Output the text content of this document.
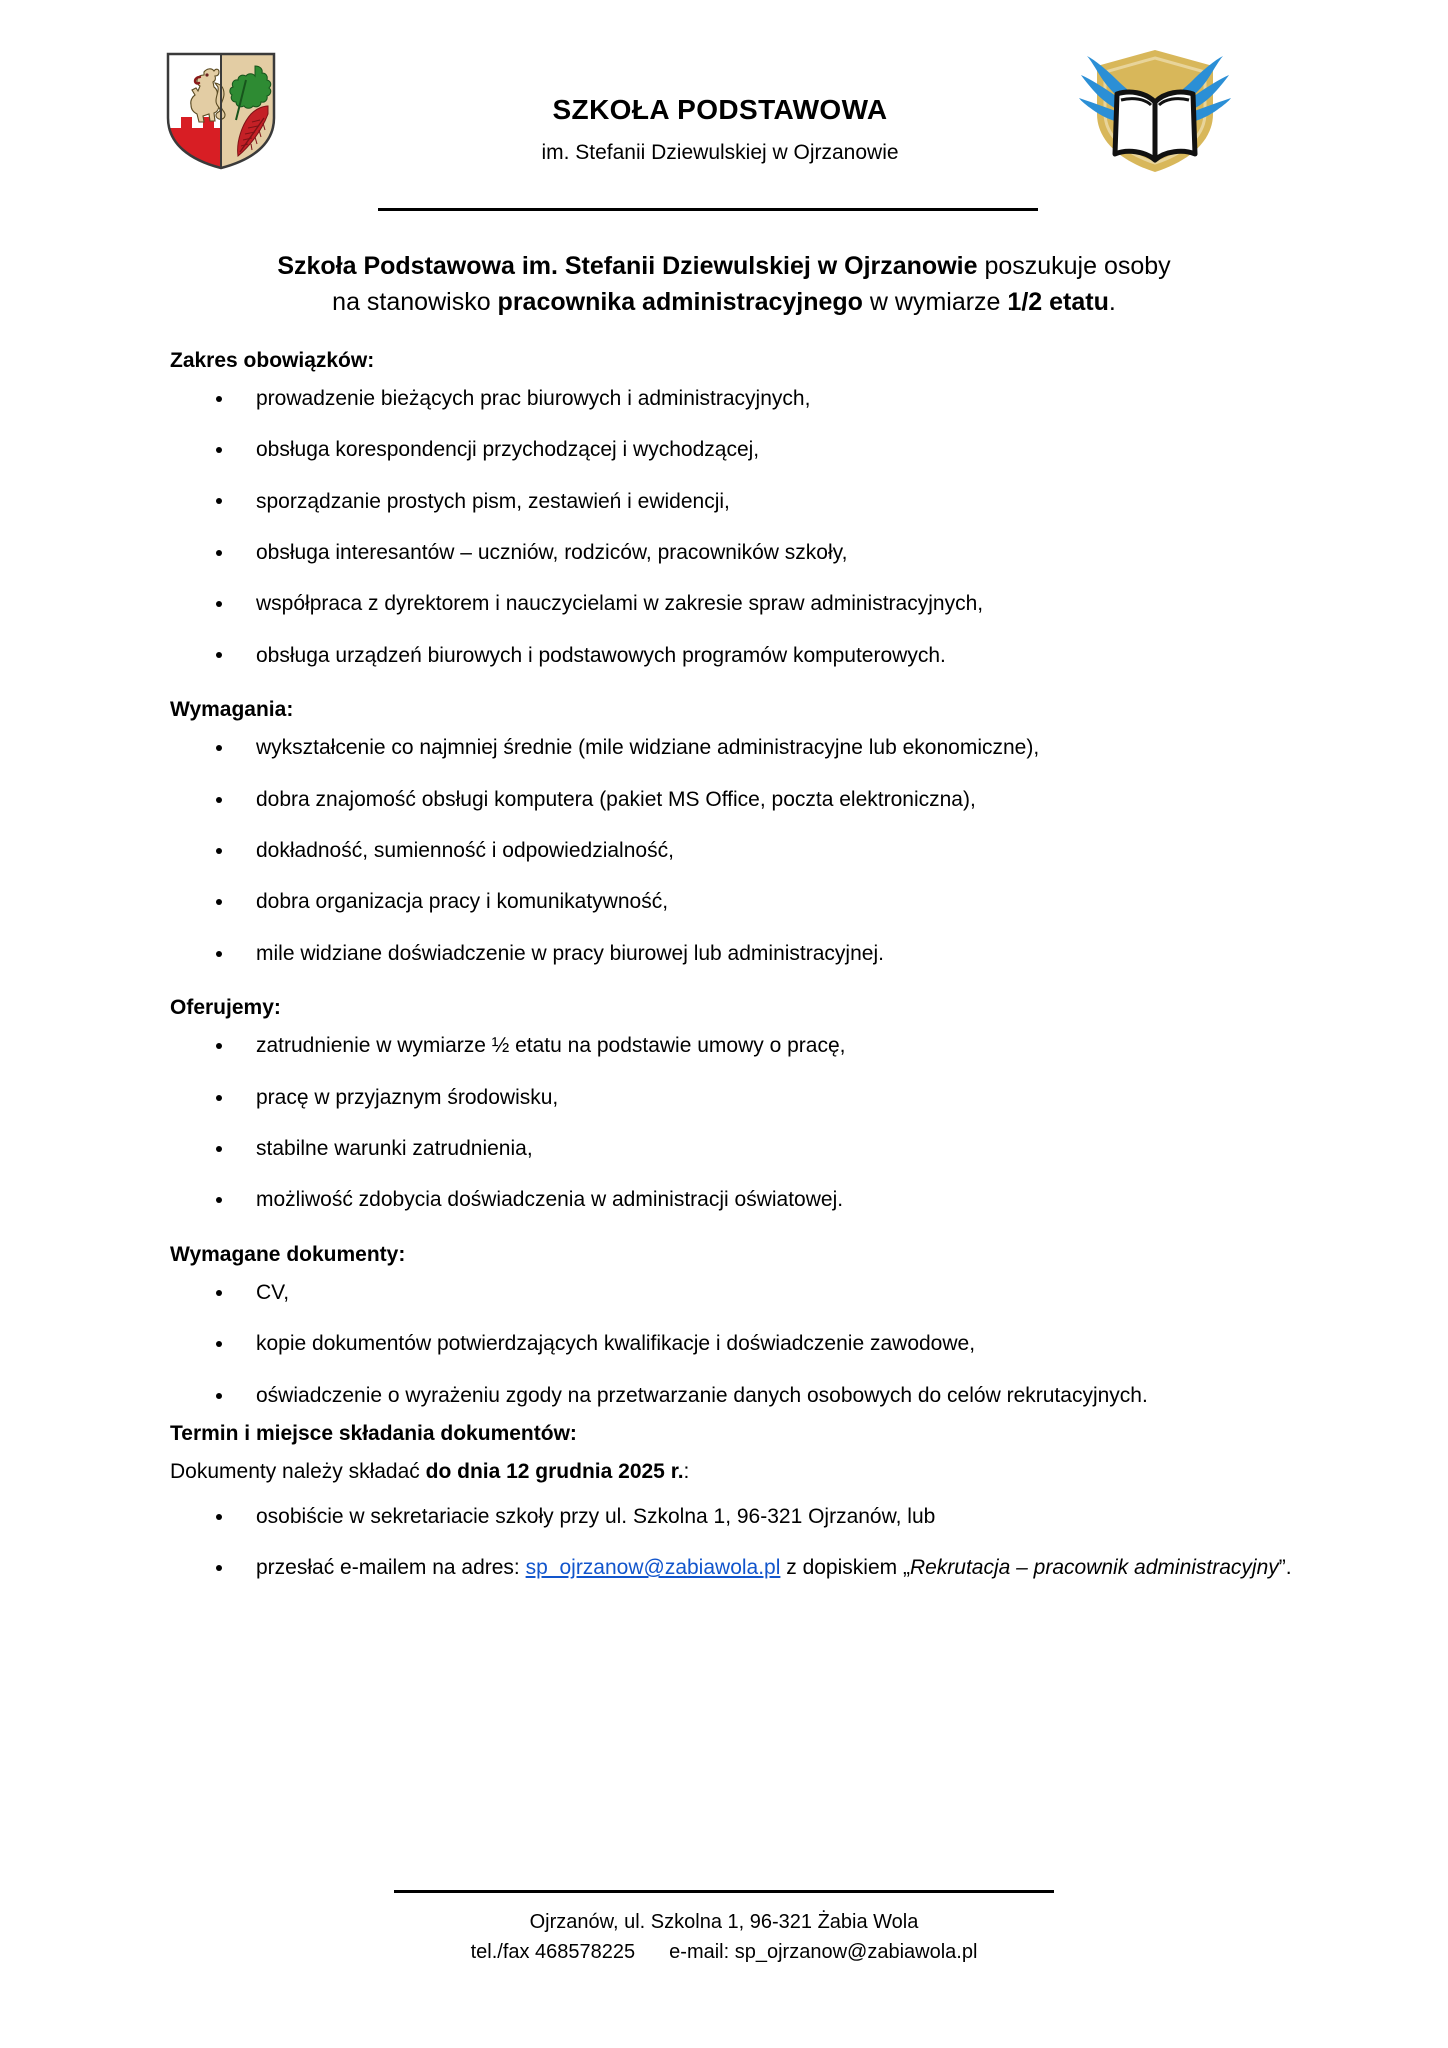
SZKOŁA PODSTAWOWA
im. Stefanii Dziewulskiej w Ojrzanowie
Szkoła Podstawowa im. Stefanii Dziewulskiej w Ojrzanowie poszukuje osoby
na stanowisko pracownika administracyjnego w wymiarze 1/2 etatu.
Zakres obowiązków:
prowadzenie bieżących prac biurowych i administracyjnych,
obsługa korespondencji przychodzącej i wychodzącej,
sporządzanie prostych pism, zestawień i ewidencji,
obsługa interesantów – uczniów, rodziców, pracowników szkoły,
współpraca z dyrektorem i nauczycielami w zakresie spraw administracyjnych,
obsługa urządzeń biurowych i podstawowych programów komputerowych.
Wymagania:
wykształcenie co najmniej średnie (mile widziane administracyjne lub ekonomiczne),
dobra znajomość obsługi komputera (pakiet MS Office, poczta elektroniczna),
dokładność, sumienność i odpowiedzialność,
dobra organizacja pracy i komunikatywność,
mile widziane doświadczenie w pracy biurowej lub administracyjnej.
Oferujemy:
zatrudnienie w wymiarze ½ etatu na podstawie umowy o pracę,
pracę w przyjaznym środowisku,
stabilne warunki zatrudnienia,
możliwość zdobycia doświadczenia w administracji oświatowej.
Wymagane dokumenty:
CV,
kopie dokumentów potwierdzających kwalifikacje i doświadczenie zawodowe,
oświadczenie o wyrażeniu zgody na przetwarzanie danych osobowych do celów rekrutacyjnych.
Termin i miejsce składania dokumentów:
Dokumenty należy składać do dnia 12 grudnia 2025 r.:
osobiście w sekretariacie szkoły przy ul. Szkolna 1, 96-321 Ojrzanów, lub
przesłać e-mailem na adres: sp_ojrzanow@zabiawola.pl z dopiskiem „Rekrutacja – pracownik administracyjny”.
Ojrzanów, ul. Szkolna 1, 96-321 Żabia Wola
tel./fax 468578225 e-mail: sp_ojrzanow@zabiawola.pl
